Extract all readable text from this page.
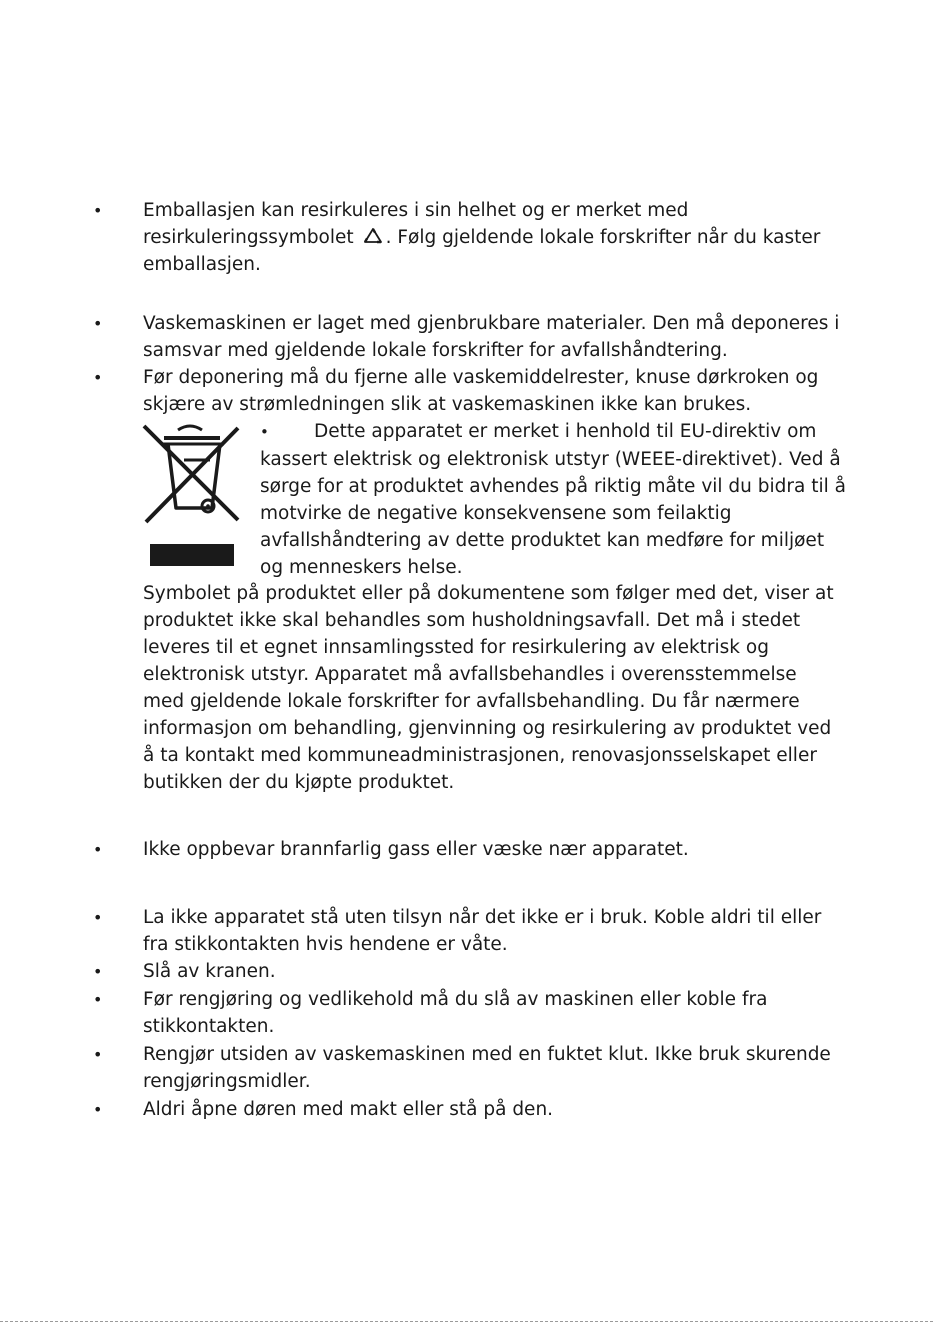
• Emballasjen kan resirkuleres i sin helhet og er merket med resirkuleringssymbolet . Følg gjeldende lokale forskrifter når du kaster emballasjen.

• Vaskemaskinen er laget med gjenbrukbare materialer. Den må deponeres i samsvar med gjeldende lokale forskrifter for avfallshåndtering.

• Før deponering må du fjerne alle vaskemiddelrester, knuse dørkroken og skjære av strømledningen slik at vaskemaskinen ikke kan brukes.

• Dette apparatet er merket i henhold til EU-direktiv om kassert elektrisk og elektronisk utstyr (WEEE-direktivet). Ved å sørge for at produktet avhendes på riktig måte vil du bidra til å motvirke de negative konsekvensene som feilaktig avfallshåndtering av dette produktet kan medføre for miljøet og menneskers helse.

Symbolet på produktet eller på dokumentene som følger med det, viser at produktet ikke skal behandles som husholdningsavfall. Det må i stedet leveres til et egnet innsamlingssted for resirkulering av elektrisk og elektronisk utstyr. Apparatet må avfallsbehandles i overensstemmelse med gjeldende lokale forskrifter for avfallsbehandling. Du får nærmere informasjon om behandling, gjenvinning og resirkulering av produktet ved å ta kontakt med kommuneadministrasjonen, renovasjonsselskapet eller butikken der du kjøpte produktet.

• Ikke oppbevar brannfarlig gass eller væske nær apparatet.

• La ikke apparatet stå uten tilsyn når det ikke er i bruk. Koble aldri til eller fra stikkontakten hvis hendene er våte.

• Slå av kranen.

• Før rengjøring og vedlikehold må du slå av maskinen eller koble fra stikkontakten.

• Rengjør utsiden av vaskemaskinen med en fuktet klut. Ikke bruk skurende rengjøringsmidler.

• Aldri åpne døren med makt eller stå på den.
